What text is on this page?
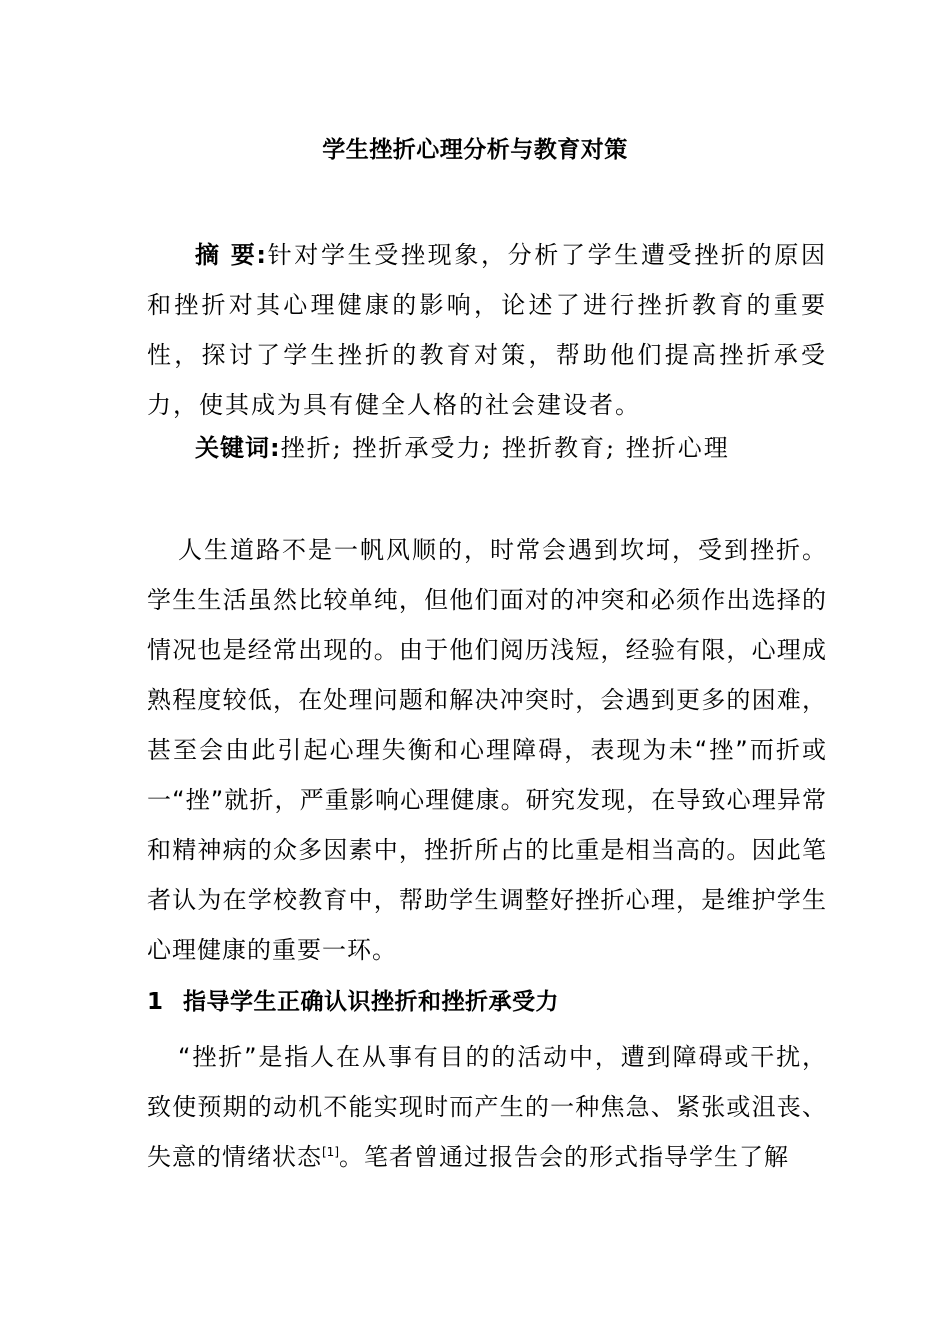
学生挫折心理分析与教育对策
摘 要:针对学生受挫现象，分析了学生遭受挫折的原因和挫折对其心理健康的影响，论述了进行挫折教育的重要性，探讨了学生挫折的教育对策，帮助他们提高挫折承受力，使其成为具有健全人格的社会建设者。
关键词:挫折; 挫折承受力; 挫折教育; 挫折心理

人生道路不是一帆风顺的，时常会遇到坎坷，受到挫折。学生生活虽然比较单纯，但他们面对的冲突和必须作出选择的情况也是经常出现的。由于他们阅历浅短，经验有限，心理成熟程度较低，在处理问题和解决冲突时，会遇到更多的困难，甚至会由此引起心理失衡和心理障碍，表现为未“挫”而折或一“挫”就折，严重影响心理健康。研究发现，在导致心理异常和精神病的众多因素中，挫折所占的比重是相当高的。因此笔者认为在学校教育中，帮助学生调整好挫折心理，是维护学生心理健康的重要一环。

1 指导学生正确认识挫折和挫折承受力

“挫折”是指人在从事有目的的活动中，遭到障碍或干扰，致使预期的动机不能实现时而产生的一种焦急、紧张或沮丧、失意的情绪状态[1]。笔者曾通过报告会的形式指导学生了解
